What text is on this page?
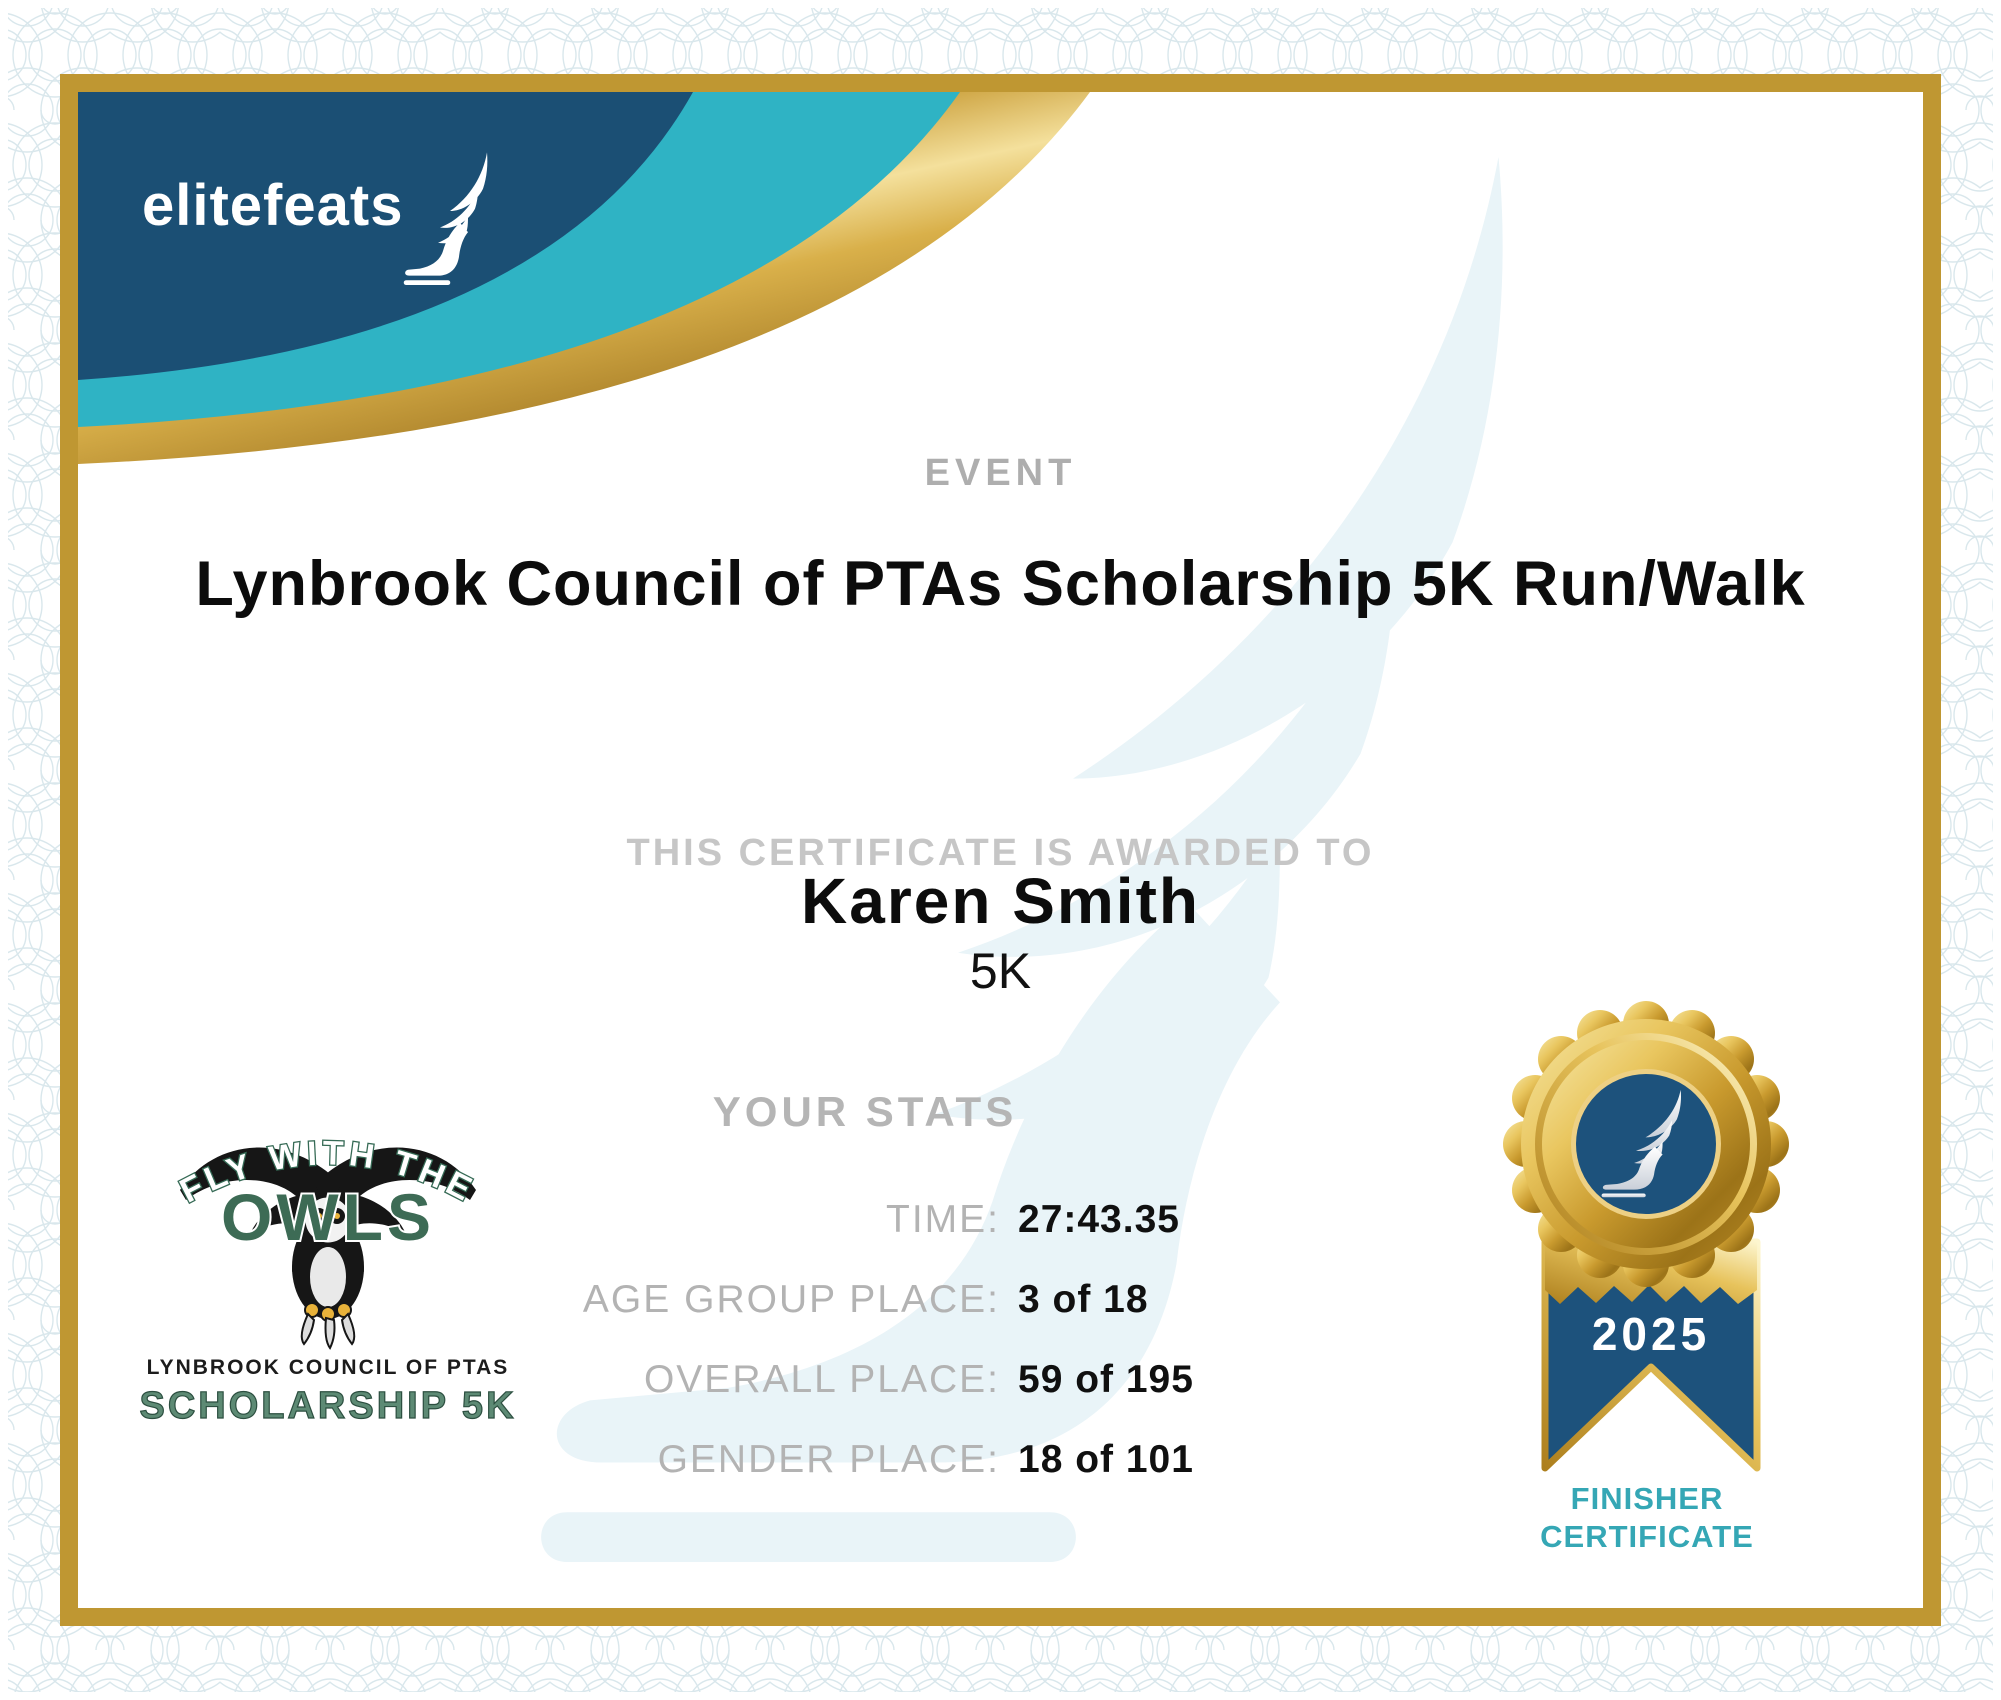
elitefeats
EVENT
Lynbrook Council of PTAs Scholarship 5K Run/Walk
THIS CERTIFICATE IS AWARDED TO
Karen Smith
5K
YOUR STATS
TIME: 27:43.35
AGE GROUP PLACE: 3 of 18
OVERALL PLACE: 59 of 195
GENDER PLACE: 18 of 101
FLY WITH THE
OWLS
LYNBROOK COUNCIL OF PTAS
SCHOLARSHIP 5K
2025
FINISHER
CERTIFICATE
